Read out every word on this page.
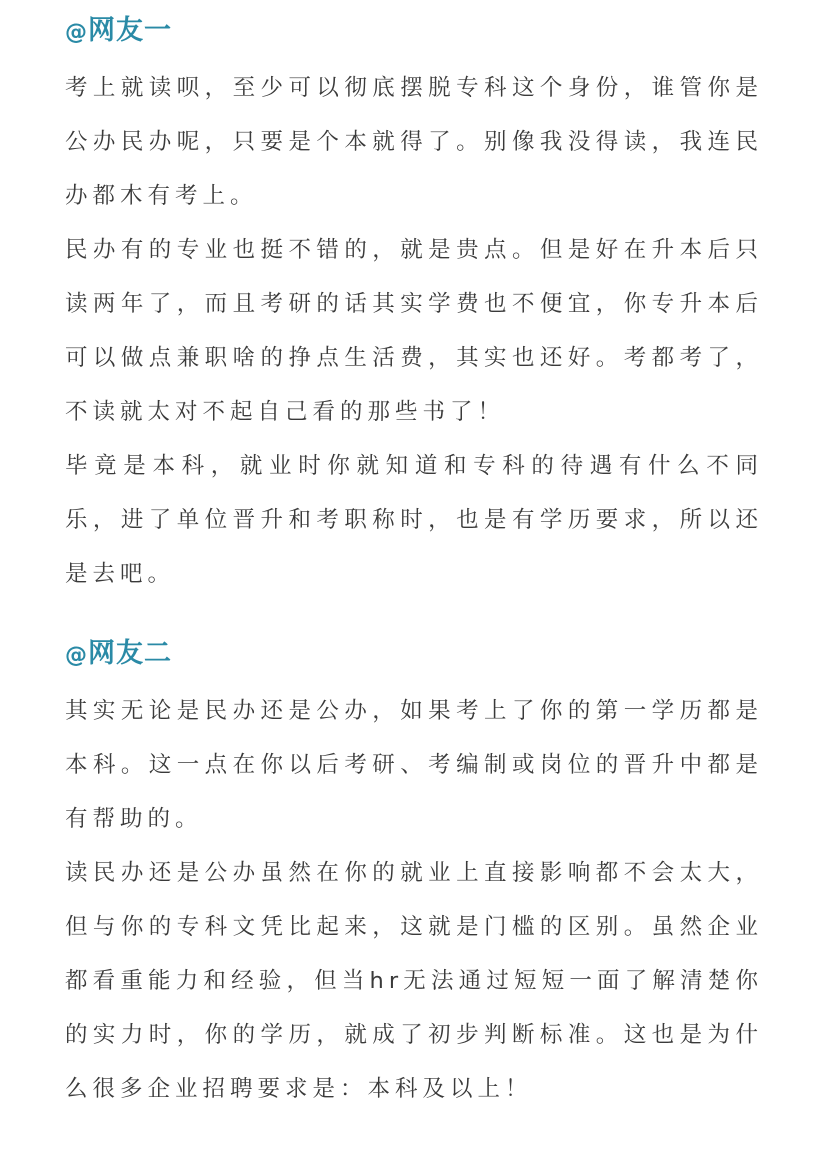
@网友一

考上就读呗，至少可以彻底摆脱专科这个身份，谁管你是公办民办呢，只要是个本就得了。别像我没得读，我连民办都木有考上。

民办有的专业也挺不错的，就是贵点。但是好在升本后只读两年了，而且考研的话其实学费也不便宜，你专升本后可以做点兼职啥的挣点生活费，其实也还好。考都考了，不读就太对不起自己看的那些书了！

毕竟是本科，就业时你就知道和专科的待遇有什么不同乐，进了单位晋升和考职称时，也是有学历要求，所以还是去吧。

@网友二

其实无论是民办还是公办，如果考上了你的第一学历都是本科。这一点在你以后考研、考编制或岗位的晋升中都是有帮助的。

读民办还是公办虽然在你的就业上直接影响都不会太大，但与你的专科文凭比起来，这就是门槛的区别。虽然企业都看重能力和经验，但当hr无法通过短短一面了解清楚你的实力时，你的学历，就成了初步判断标准。这也是为什么很多企业招聘要求是：本科及以上！
